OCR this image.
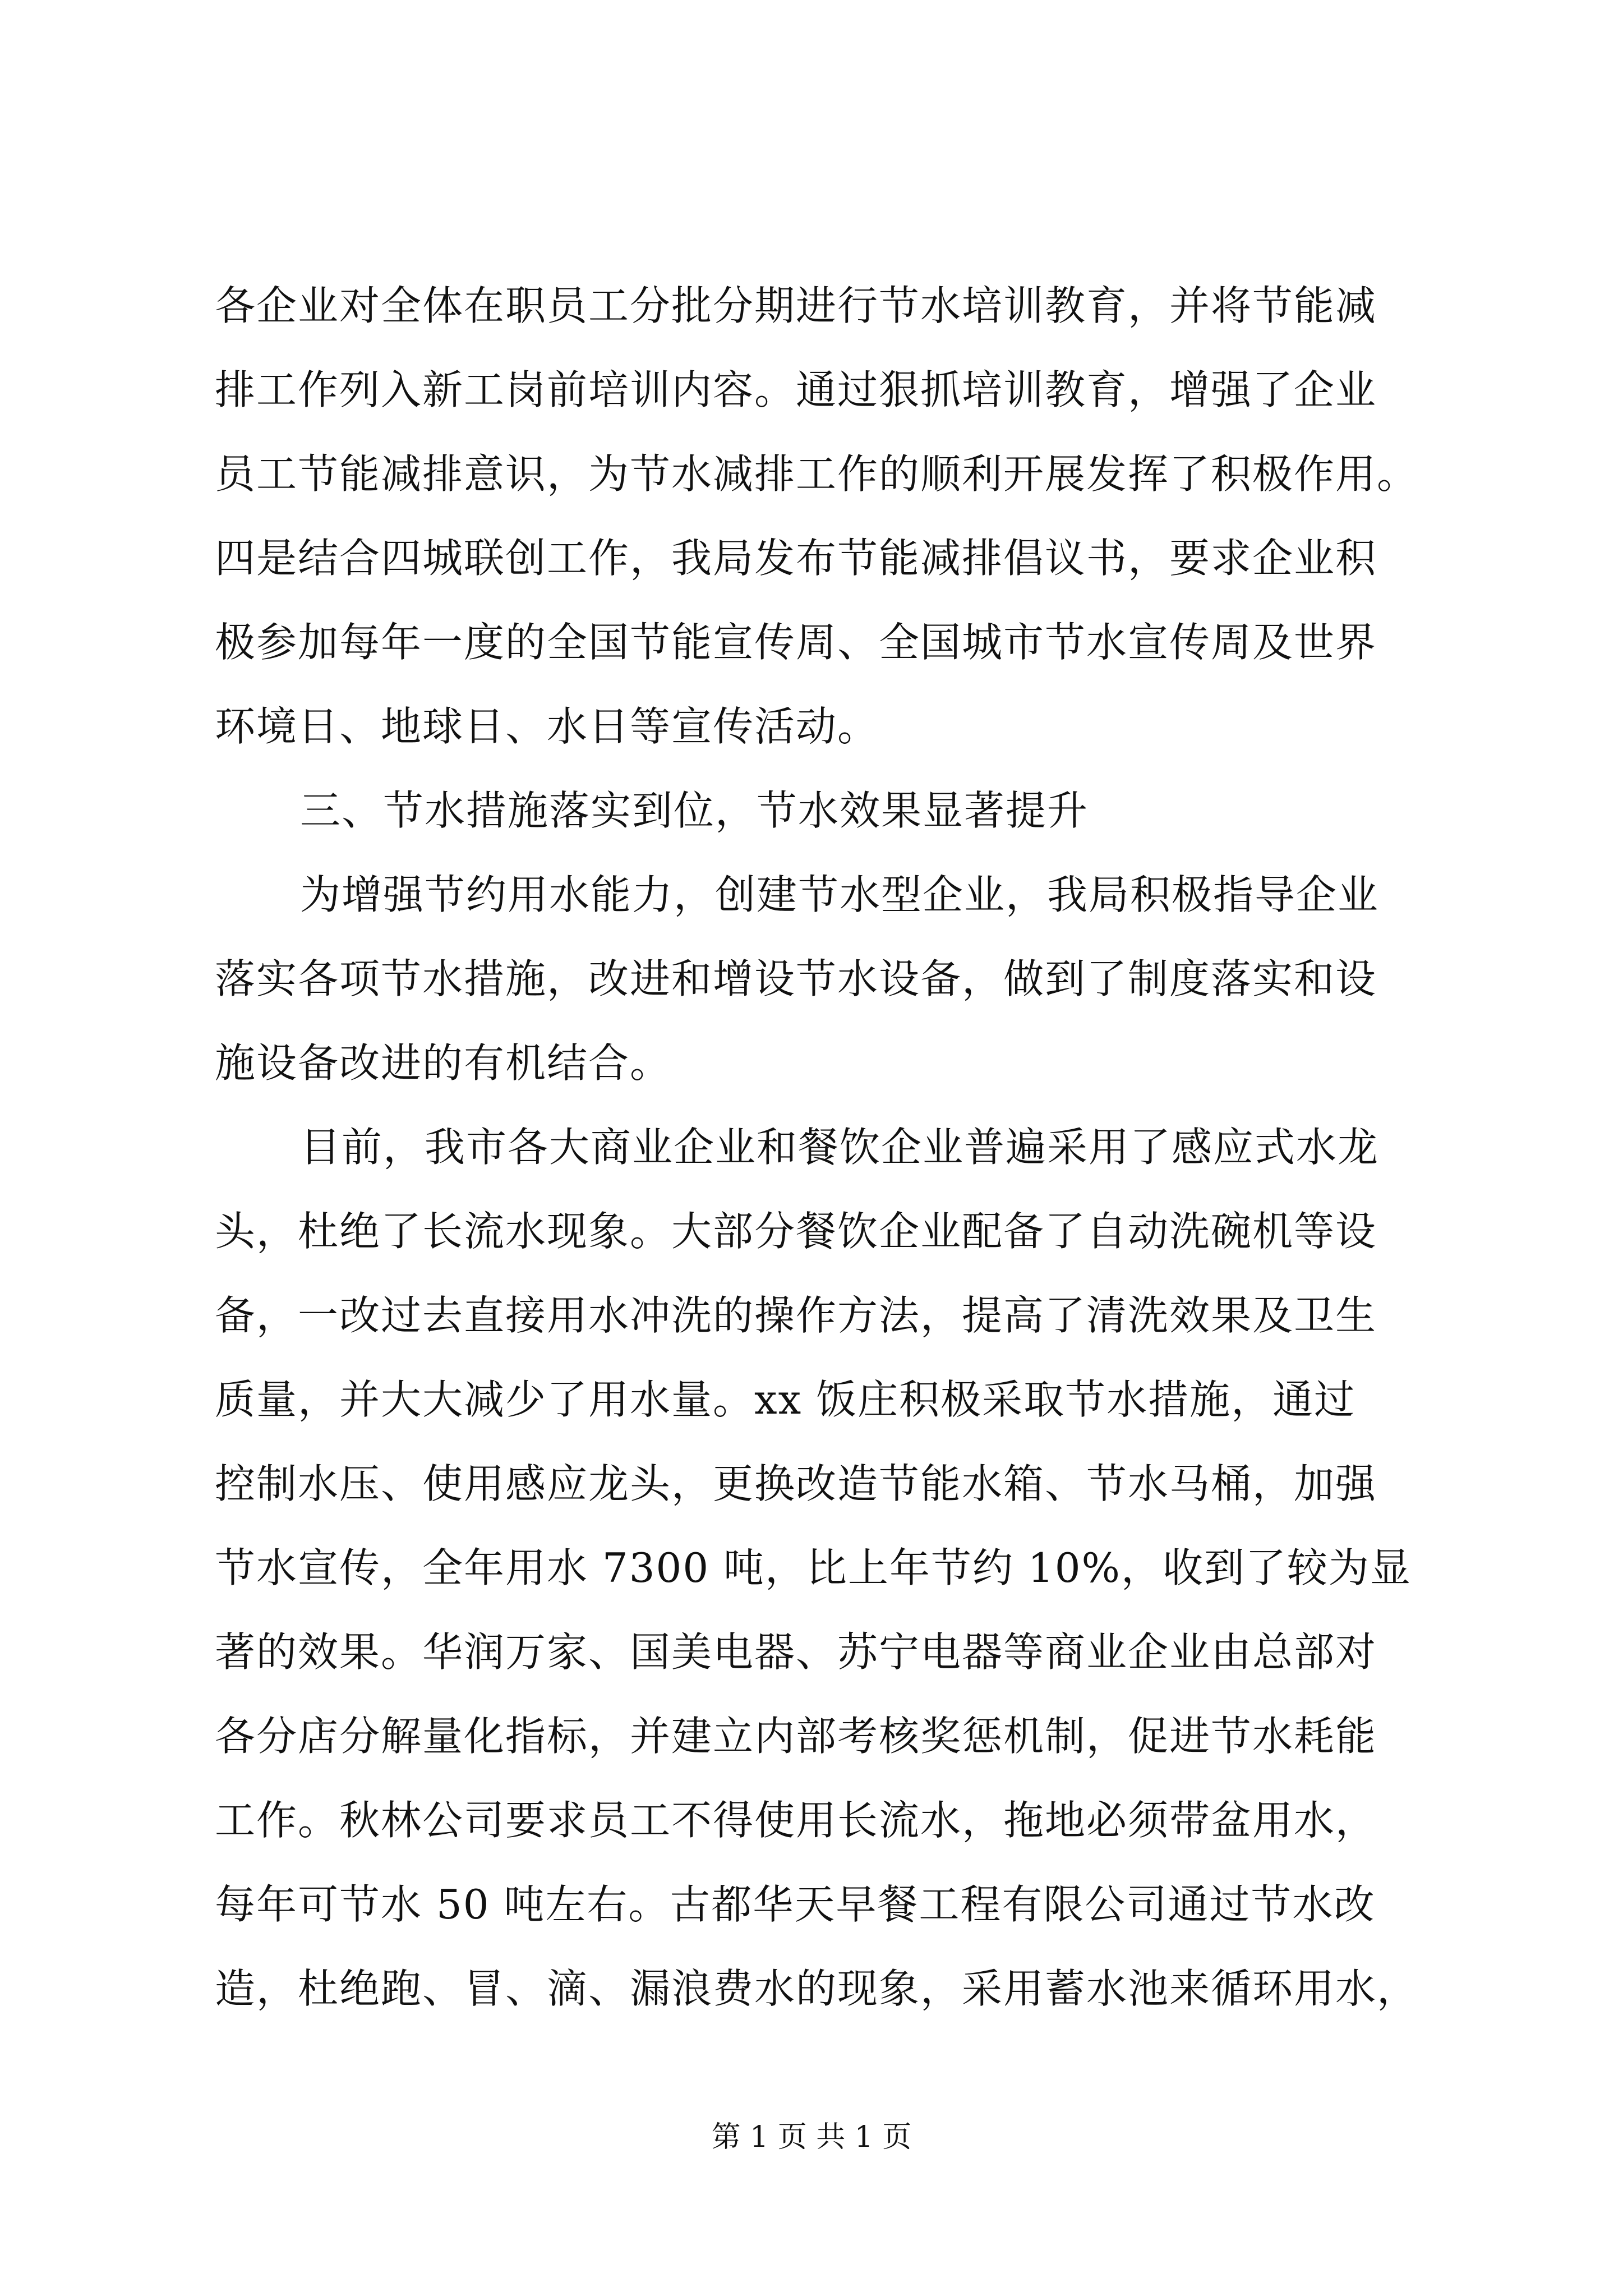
各企业对全体在职员工分批分期进行节水培训教育，并将节能减
排工作列入新工岗前培训内容。通过狠抓培训教育，增强了企业
员工节能减排意识，为节水减排工作的顺利开展发挥了积极作用。
四是结合四城联创工作，我局发布节能减排倡议书，要求企业积
极参加每年一度的全国节能宣传周、全国城市节水宣传周及世界
环境日、地球日、水日等宣传活动。
三、节水措施落实到位，节水效果显著提升
为增强节约用水能力，创建节水型企业，我局积极指导企业
落实各项节水措施，改进和增设节水设备，做到了制度落实和设
施设备改进的有机结合。
目前，我市各大商业企业和餐饮企业普遍采用了感应式水龙
头，杜绝了长流水现象。大部分餐饮企业配备了自动洗碗机等设
备，一改过去直接用水冲洗的操作方法，提高了清洗效果及卫生
质量，并大大减少了用水量。xx 饭庄积极采取节水措施，通过
控制水压、使用感应龙头，更换改造节能水箱、节水马桶，加强
节水宣传，全年用水 7300 吨，比上年节约 10%，收到了较为显
著的效果。华润万家、国美电器、苏宁电器等商业企业由总部对
各分店分解量化指标，并建立内部考核奖惩机制，促进节水耗能
工作。秋林公司要求员工不得使用长流水，拖地必须带盆用水，
每年可节水 50 吨左右。古都华天早餐工程有限公司通过节水改
造，杜绝跑、冒、滴、漏浪费水的现象，采用蓄水池来循环用水，
第 1 页 共 1 页
